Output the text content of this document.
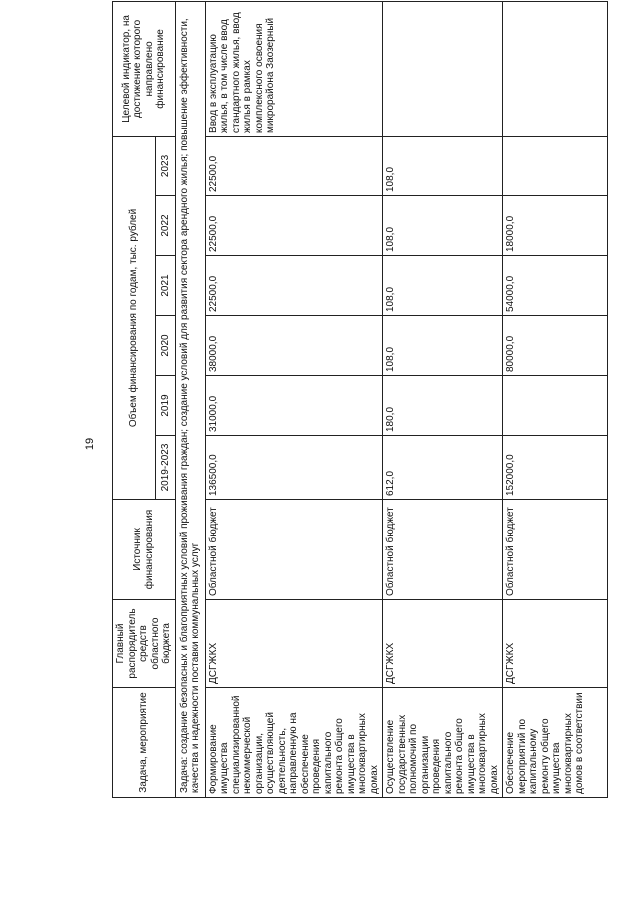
19
Задача, мероприятие	Главный распорядитель средств областного бюджета	Источник финансирования	Объем финансирования по годам, тыс. рублей						Целевой индикатор, на достижение которого направлено финансирование
			2019-2023	2019	2020	2021	2022	2023	
Задача: создание безопасных и благоприятных условий проживания граждан; создание условий для развития сектора арендного жилья; повышение эффективности, качества и надежности поставки коммунальных услуг									
Формирование имущества специализированной некоммерческой организации, осуществляющей деятельность, направленную на обеспечение проведения капитального ремонта общего имущества в многоквартирных домах	ДСГЖКХ	Областной бюджет	136500,0	31000,0	38000,0	22500,0	22500,0	22500,0	Ввод в эксплуатацию жилья, в том числе ввод стандартного жилья, ввод жилья в рамках комплексного освоения микрорайона Заозерный
Осуществление государственных полномочий по организации проведения капитального ремонта общего имущества в многоквартирных домах	ДСГЖКХ	Областной бюджет	612,0	180,0	108,0	108,0	108,0	108,0	
Обеспечение мероприятий по капитальному ремонту общего имущества многоквартирных домов в соответствии	ДСГЖКХ	Областной бюджет	152000,0		80000,0	54000,0	18000,0		
